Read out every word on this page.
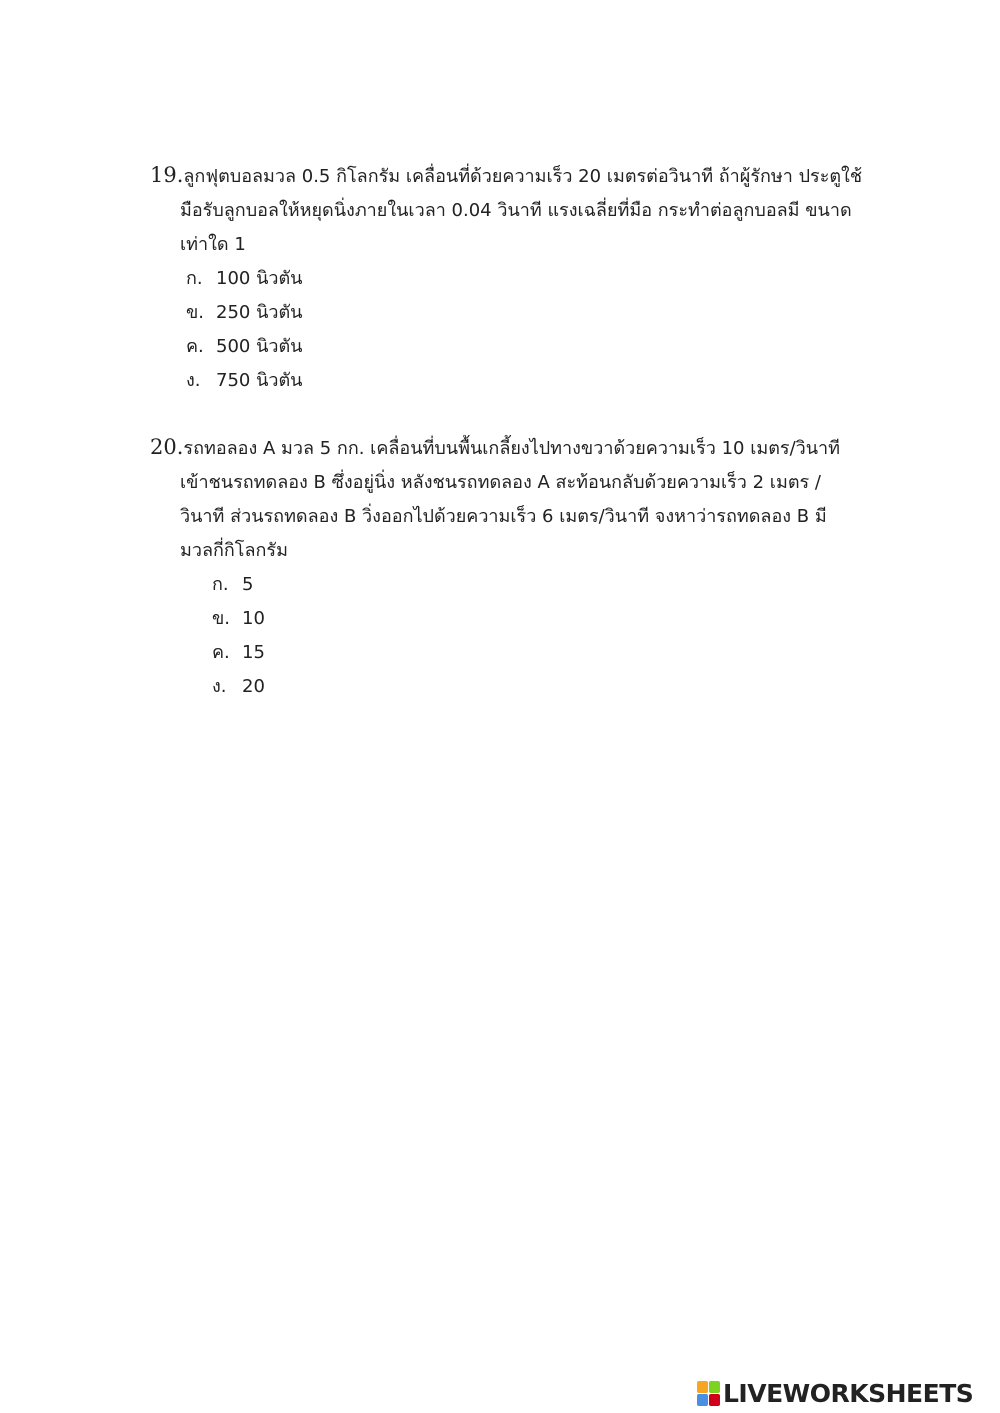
19.ลูกฟุตบอลมวล 0.5 กิโลกรัม เคลื่อนที่ด้วยความเร็ว 20 เมตรต่อวินาที ถ้าผู้รักษา ประตูใช้
มือรับลูกบอลให้หยุดนิ่งภายในเวลา 0.04 วินาที แรงเฉลี่ยที่มือ กระทำต่อลูกบอลมี ขนาด
เท่าใด 1
ก. 100 นิวตัน
ข. 250 นิวตัน
ค. 500 นิวตัน
ง. 750 นิวตัน
20.รถทอลอง A มวล 5 กก. เคลื่อนที่บนพื้นเกลี้ยงไปทางขวาด้วยความเร็ว 10 เมตร/วินาที
เข้าชนรถทดลอง B ซึ่งอยู่นิ่ง หลังชนรถทดลอง A สะท้อนกลับด้วยความเร็ว 2 เมตร /
วินาที ส่วนรถทดลอง B วิ่งออกไปด้วยความเร็ว 6 เมตร/วินาที จงหาว่ารถทดลอง B มี
มวลกี่กิโลกรัม
ก. 5
ข. 10
ค. 15
ง. 20
LIVEWORKSHEETS
